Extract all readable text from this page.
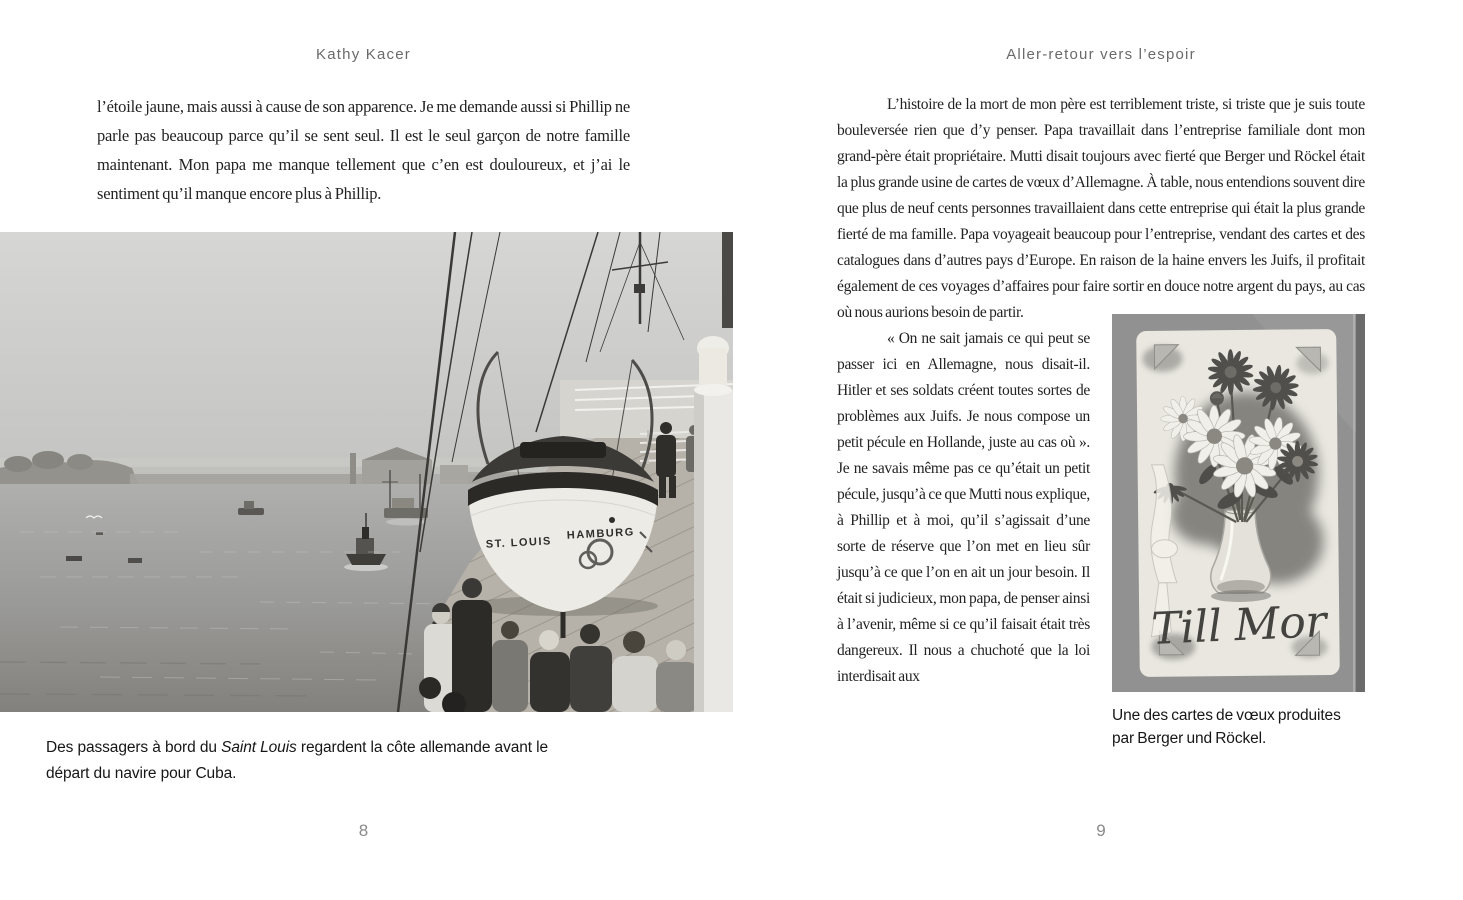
Kathy Kacer
l’étoile jaune, mais aussi à cause de son apparence. Je me demande aussi si Phillip ne parle pas beaucoup parce qu’il se sent seul. Il est le seul garçon de notre famille maintenant. Mon papa me manque tellement que c’en est douloureux, et j’ai le sentiment qu’il manque encore plus à Phillip.
ST. LOUIS
HAMBURG
Des passagers à bord du Saint Louis regardent la côte allemande avant le départ du navire pour Cuba.
8
Aller-retour vers l’espoir
L’histoire de la mort de mon père est terriblement triste, si triste que je suis toute bouleversée rien que d’y penser. Papa travaillait dans l’entreprise familiale dont mon grand-père était propriétaire. Mutti disait toujours avec fierté que Berger und Röckel était la plus grande usine de cartes de vœux d’Allemagne. À table, nous entendions souvent dire que plus de neuf cents personnes travaillaient dans cette entreprise qui était la plus grande fierté de ma famille. Papa voyageait beaucoup pour l’entreprise, vendant des cartes et des catalogues dans d’autres pays d’Europe. En raison de la haine envers les Juifs, il profitait également de ces voyages d’affaires pour faire sortir en
Till Mor
Une des cartes de vœux produites par Berger und Röckel.
douce notre argent du pays, au cas où nous aurions besoin de partir.
« On ne sait jamais ce qui peut se passer ici en Allemagne, nous disait-il. Hitler et ses soldats créent toutes sortes de problèmes aux Juifs. Je nous compose un petit pécule en Hollande, juste au cas où ». Je ne savais même pas ce qu’était un petit pécule, jusqu’à ce que Mutti nous explique, à Phillip et à moi, qu’il s’agissait d’une sorte de réserve que l’on met en lieu sûr jusqu’à ce que l’on en ait un jour besoin. Il était si judicieux, mon papa, de penser ainsi à l’avenir, même si ce qu’il faisait était très dangereux. Il nous a chuchoté que la loi interdisait aux
9
